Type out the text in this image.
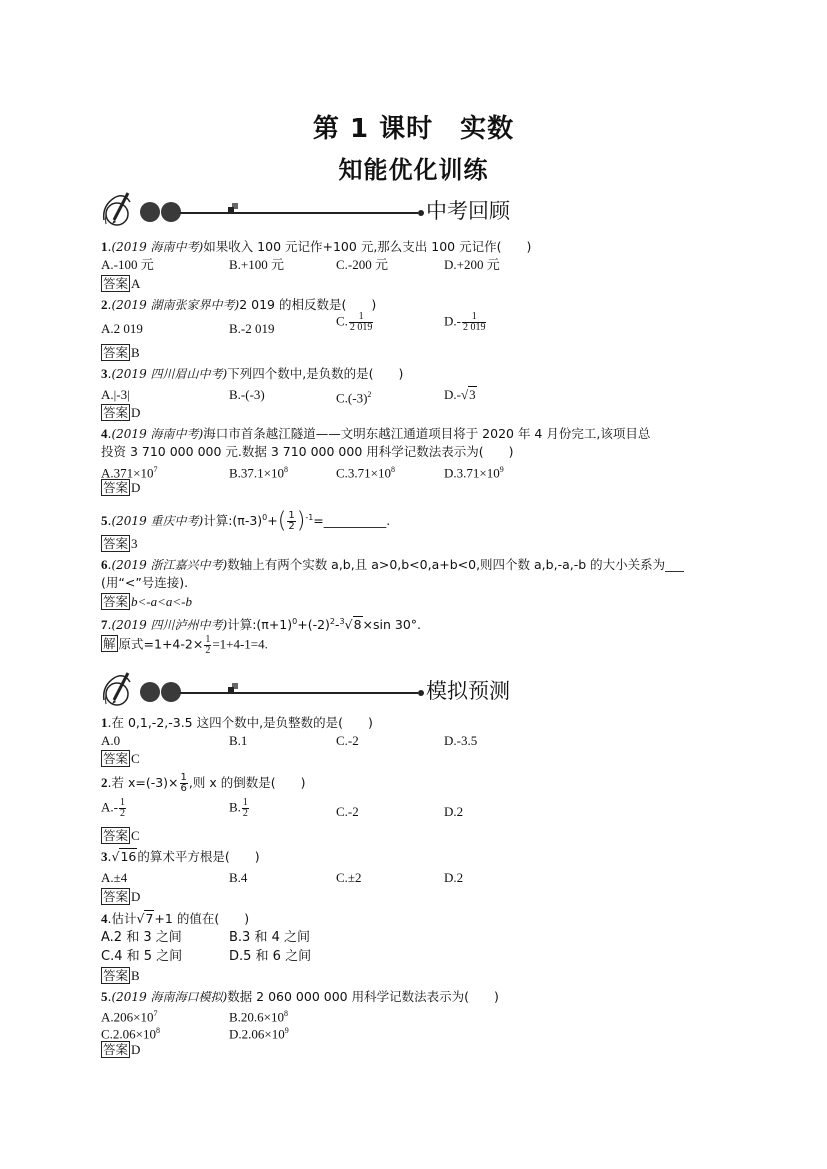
第 1 课时　实数
知能优化训练
中考回顾
1.(2019 海南中考)如果收入 100 元记作+100 元,那么支出 100 元记作(　　)
A.-100 元	B.+100 元	C.-200 元	D.+200 元
答案 A
2.(2019 湖南张家界中考)2 019 的相反数是(　　)
A.2 019	B.-2 019
C. $\frac{1}{2 019}$	$D.- \frac{1}{2 019}$
答案 B
3.(2019 四川眉山中考)下列四个数中,是负数的是(　　)
A.|-3|	B.-(-3)	$C.(-3)^2$	D.-√3
答案 D
4.(2019 海南中考)海口市首条越江隧道——文明东越江通道项目将于 2020 年 4 月份完工,该项目总
投资 3 710 000 000 元.数据 3 710 000 000 用科学记数法表示为(　　)
$A.371\times 10^7$	$B.37.1\times 10^8$	$C.3.71\times 10^8$	$D.3.71\times 10^9$
答案 D
5.(2019 重庆中考)计算$:(\pi-3)^0+( \frac{1}{2}$ )$^{-1}$=__________.
答案 3
6.(2019 浙江嘉兴中考)数轴上有两个实数 a,b,且 a>0,b<0,a+b<0,则四个数 a,b,-a,-b 的大小关系为___
(用“<”号连接).
答案 b<-a<a<-b
7.(2019 四川泸州中考)计算$:(\pi+1)^0+(-2)^2-^3√8\times\sin$ 30°.
解 原式$=1+4-2\times \frac{1}{2} =1+4-1=4$.
模拟预测
1.在 0,1,-2,-3.5 这四个数中,是负整数的是(　　)
A.0	B.1	C.-2	D.-3.5
答案 C
2.若 $x=(-3)\times \frac{1}{6}$ ,则 x 的倒数是(　　)
$A.- \frac{1}{2}$	B. $\frac{1}{2}$	C.-2	D.2
答案 C
3.√16的算术平方根是(　　)
A.±4	B.4	C.±2	D.2
答案 D
4.估计√7+1 的值在(　　)
A.2 和 3 之间	B.3 和 4 之间
C.4 和 5 之间	D.5 和 6 之间
答案 B
5.(2019 海南海口模拟)数据 2 060 000 000 用科学记数法表示为(　　)
$A.206\times 10^7$	$B.20.6\times 10^8$
$C.2.06\times 10^8$	$D.2.06\times 10^9$
答案 D
